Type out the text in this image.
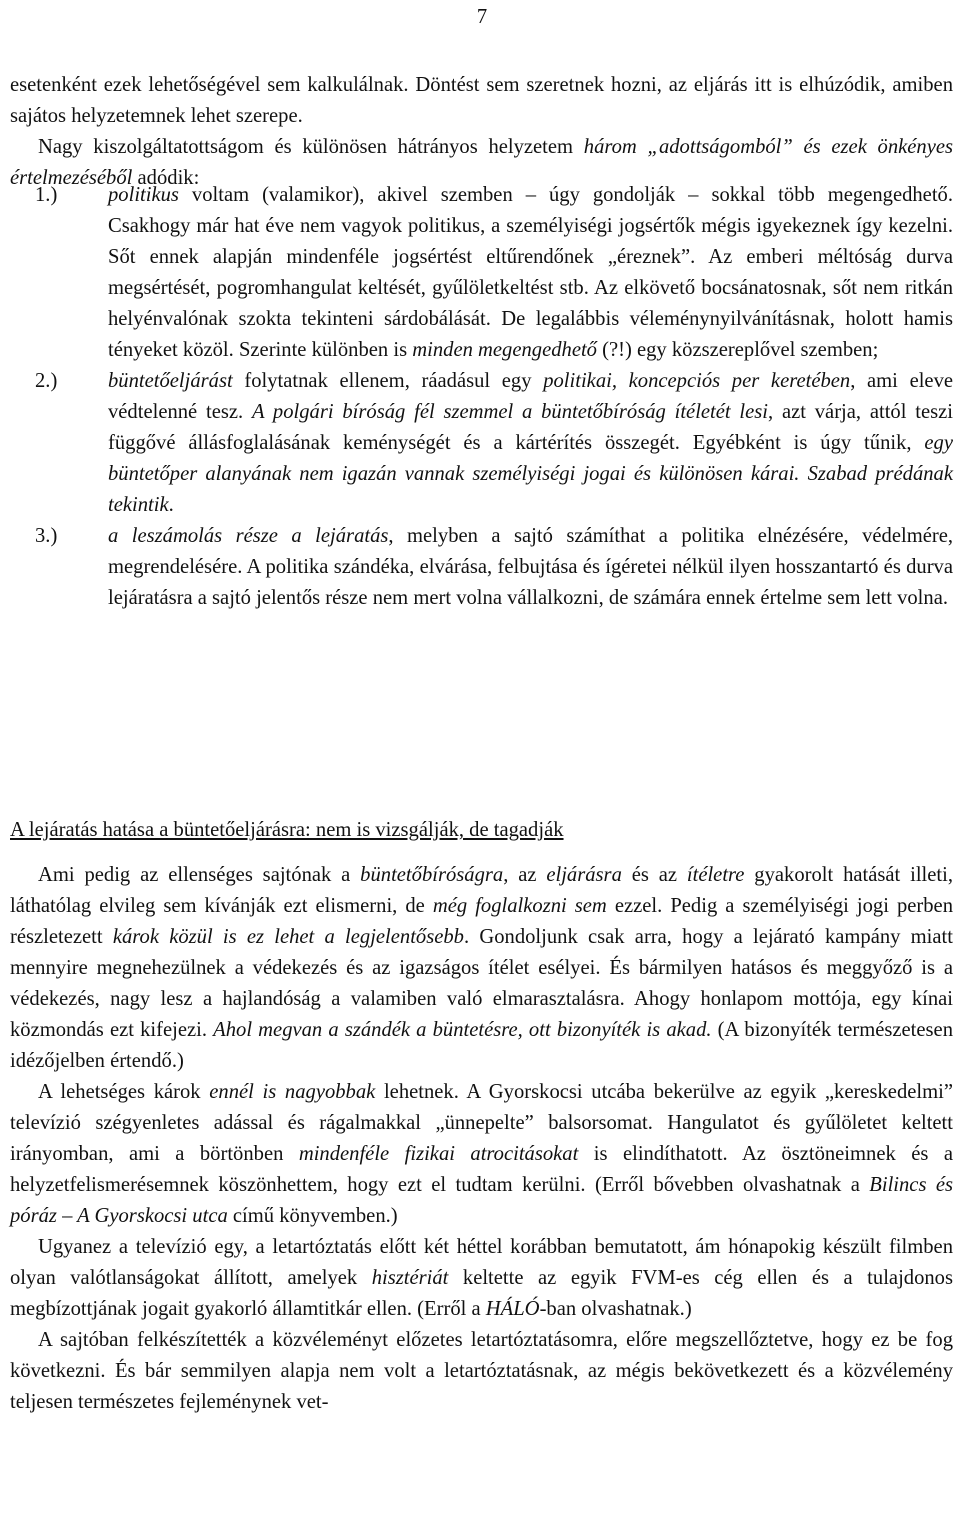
7

esetenként ezek lehetőségével sem kalkulálnak. Döntést sem szeretnek hozni, az eljárás itt is elhúzódik, amiben sajátos helyzetemnek lehet szerepe.

Nagy kiszolgáltatottságom és különösen hátrányos helyzetem három „adottságomból” és ezek önkényes értelmezéséből adódik:

1.) politikus voltam (valamikor), akivel szemben – úgy gondolják – sokkal több megengedhető. Csakhogy már hat éve nem vagyok politikus, a személyiségi jogsértők mégis igyekeznek így kezelni. Sőt ennek alapján mindenféle jogsértést eltűrendőnek „éreznek”. Az emberi méltóság durva megsértését, pogromhangulat keltését, gyűlöletkeltést stb. Az elkövető bocsánatosnak, sőt nem ritkán helyénvalónak szokta tekinteni sárdobálását. De legalábbis véleménynyilvánításnak, holott hamis tényeket közöl. Szerinte különben is minden megengedhető (?!) egy közszereplővel szemben;

2.) büntetőeljárást folytatnak ellenem, ráadásul egy politikai, koncepciós per keretében, ami eleve védtelenné tesz. A polgári bíróság fél szemmel a büntetőbíróság ítéletét lesi, azt várja, attól teszi függővé állásfoglalásának keménységét és a kártérítés összegét. Egyébként is úgy tűnik, egy büntetőper alanyának nem igazán vannak személyiségi jogai és különösen kárai. Szabad prédának tekintik.

3.) a leszámolás része a lejáratás, melyben a sajtó számíthat a politika elnézésére, védelmére, megrendelésére. A politika szándéka, elvárása, felbujtása és ígéretei nélkül ilyen hosszantartó és durva lejáratásra a sajtó jelentős része nem mert volna vállalkozni, de számára ennek értelme sem lett volna.

A lejáratás hatása a büntetőeljárásra: nem is vizsgálják, de tagadják

Ami pedig az ellenséges sajtónak a büntetőbíróságra, az eljárásra és az ítéletre gyakorolt hatását illeti, láthatólag elvileg sem kívánják ezt elismerni, de még foglalkozni sem ezzel. Pedig a személyiségi jogi perben részletezett károk közül is ez lehet a legjelentősebb. Gondoljunk csak arra, hogy a lejárató kampány miatt mennyire megnehezülnek a védekezés és az igazságos ítélet esélyei. És bármilyen hatásos és meggyőző is a védekezés, nagy lesz a hajlandóság a valamiben való elmarasztalásra. Ahogy honlapom mottója, egy kínai közmondás ezt kifejezi. Ahol megvan a szándék a büntetésre, ott bizonyíték is akad. (A bizonyíték természetesen idézőjelben értendő.)

A lehetséges károk ennél is nagyobbak lehetnek. A Gyorskocsi utcába bekerülve az egyik „kereskedelmi” televízió szégyenletes adással és rágalmakkal „ünnepelte” balsorsomat. Hangulatot és gyűlöletet keltett irányomban, ami a börtönben mindenféle fizikai atrocitásokat is elindíthatott. Az ösztöneimnek és a helyzetfelismerésemnek köszönhettem, hogy ezt el tudtam kerülni. (Erről bővebben olvashatnak a Bilincs és póráz – A Gyorskocsi utca című könyvemben.)

Ugyanez a televízió egy, a letartóztatás előtt két héttel korábban bemutatott, ám hónapokig készült filmben olyan valótlanságokat állított, amelyek hisztériát keltette az egyik FVM-es cég ellen és a tulajdonos megbízottjának jogait gyakorló államtitkár ellen. (Erről a HÁLÓ-ban olvashatnak.)

A sajtóban felkészítették a közvéleményt előzetes letartóztatásomra, előre megszellőztetve, hogy ez be fog következni. És bár semmilyen alapja nem volt a letartóztatásnak, az mégis bekövetkezett és a közvélemény teljesen természetes fejleménynek vet-
